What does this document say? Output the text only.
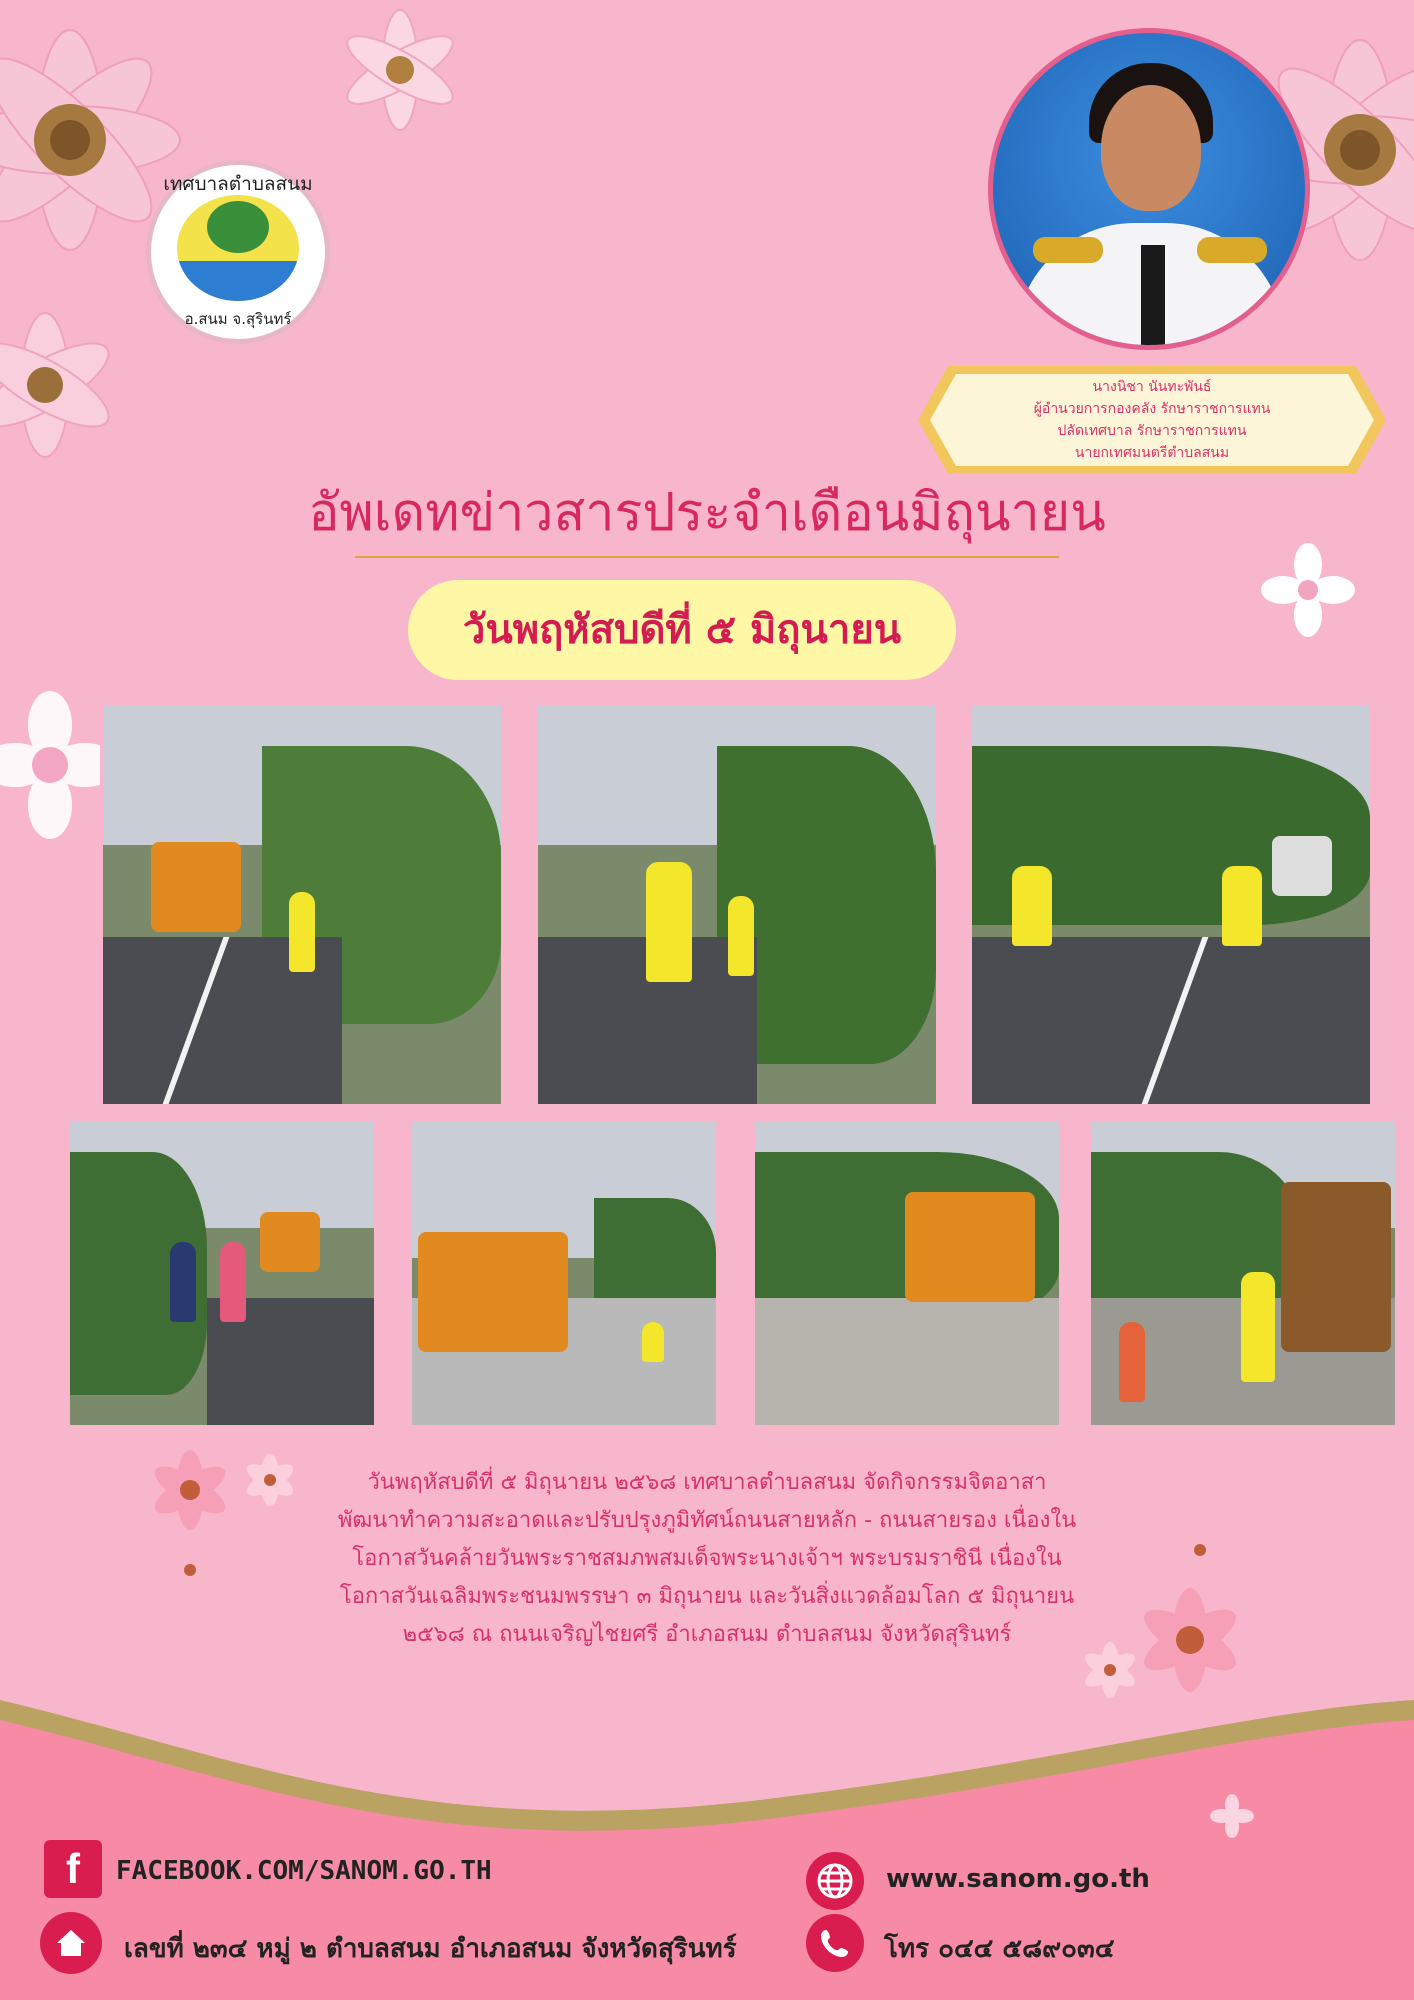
เทศบาลตำบลสนม
อ.สนม จ.สุรินทร์
นางนิชา นันทะพันธ์
ผู้อำนวยการกองคลัง รักษาราชการแทน
ปลัดเทศบาล รักษาราชการแทน
นายกเทศมนตรีตำบลสนม
อัพเดทข่าวสารประจำเดือนมิถุนายน
วันพฤหัสบดีที่ ๕ มิถุนายน
วันพฤหัสบดีที่ ๕ มิถุนายน ๒๕๖๘ เทศบาลตำบลสนม จัดกิจกรรมจิตอาสา
พัฒนาทำความสะอาดและปรับปรุงภูมิทัศน์ถนนสายหลัก - ถนนสายรอง เนื่องใน
โอกาสวันคล้ายวันพระราชสมภพสมเด็จพระนางเจ้าฯ พระบรมราชินี เนื่องใน
โอกาสวันเฉลิมพระชนมพรรษา ๓ มิถุนายน และวันสิ่งแวดล้อมโลก ๕ มิถุนายน
๒๕๖๘ ณ ถนนเจริญไชยศรี อำเภอสนม ตำบลสนม จังหวัดสุรินทร์
f	FACEBOOK.COM/SANOM.GO.TH	www.sanom.go.th
เลขที่ ๒๓๔ หมู่ ๒ ตำบลสนม อำเภอสนม จังหวัดสุรินทร์	โทร ๐๔๔ ๕๘๙๐๓๔
